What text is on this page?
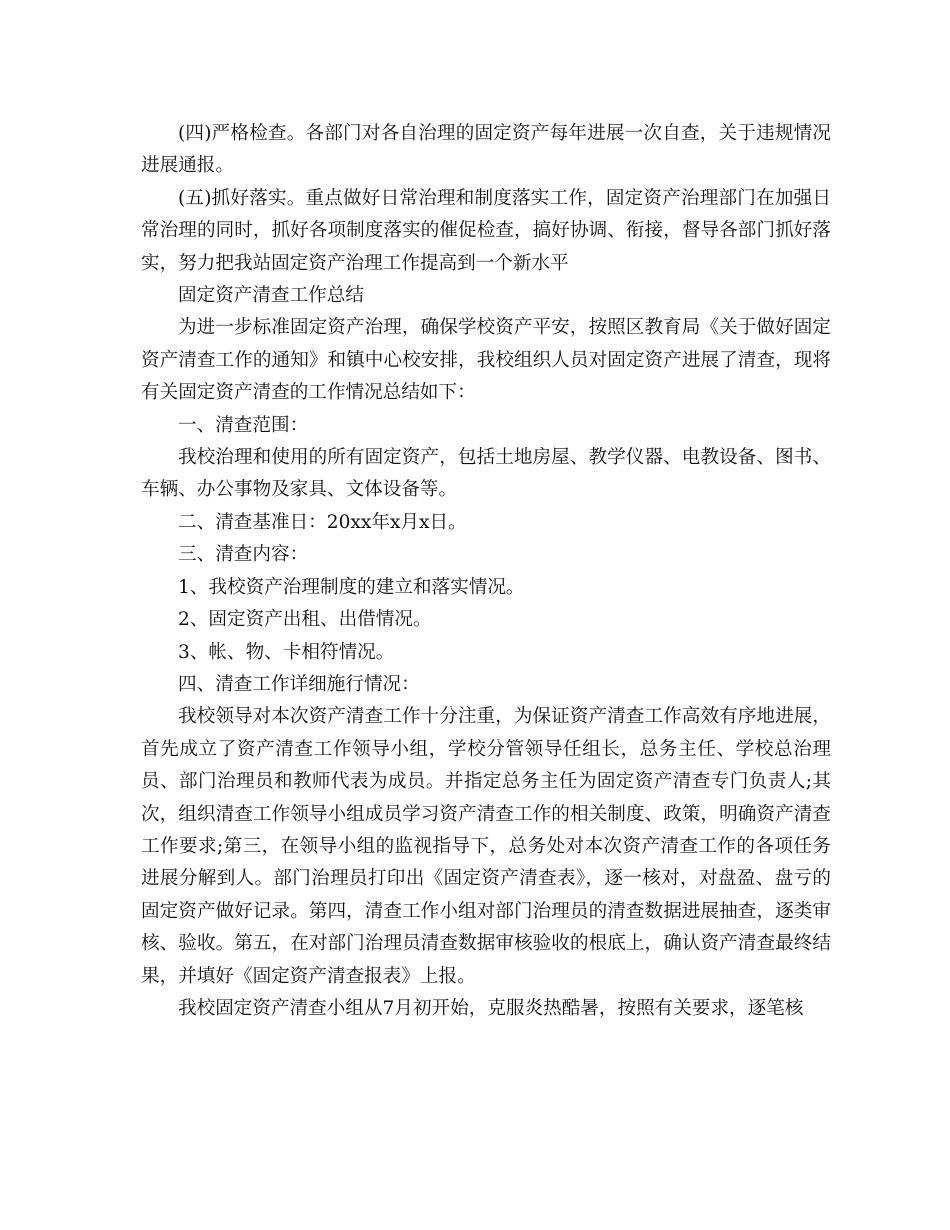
(四)严格检查。各部门对各自治理的固定资产每年进展一次自查，关于违规情况进展通报。

(五)抓好落实。重点做好日常治理和制度落实工作，固定资产治理部门在加强日常治理的同时，抓好各项制度落实的催促检查，搞好协调、衔接，督导各部门抓好落实，努力把我站固定资产治理工作提高到一个新水平

固定资产清查工作总结

为进一步标准固定资产治理，确保学校资产平安，按照区教育局《关于做好固定资产清查工作的通知》和镇中心校安排，我校组织人员对固定资产进展了清查，现将有关固定资产清查的工作情况总结如下：

一、清查范围：

我校治理和使用的所有固定资产，包括土地房屋、教学仪器、电教设备、图书、车辆、办公事物及家具、文体设备等。

二、清查基准日：20xx年x月x日。

三、清查内容：

1、我校资产治理制度的建立和落实情况。

2、固定资产出租、出借情况。

3、帐、物、卡相符情况。

四、清查工作详细施行情况：

我校领导对本次资产清查工作十分注重，为保证资产清查工作高效有序地进展，首先成立了资产清查工作领导小组，学校分管领导任组长，总务主任、学校总治理员、部门治理员和教师代表为成员。并指定总务主任为固定资产清查专门负责人;其次，组织清查工作领导小组成员学习资产清查工作的相关制度、政策，明确资产清查工作要求;第三，在领导小组的监视指导下，总务处对本次资产清查工作的各项任务进展分解到人。部门治理员打印出《固定资产清查表》，逐一核对，对盘盈、盘亏的固定资产做好记录。第四，清查工作小组对部门治理员的清查数据进展抽查，逐类审核、验收。第五，在对部门治理员清查数据审核验收的根底上，确认资产清查最终结果，并填好《固定资产清查报表》上报。

我校固定资产清查小组从7月初开始，克服炎热酷暑，按照有关要求，逐笔核
